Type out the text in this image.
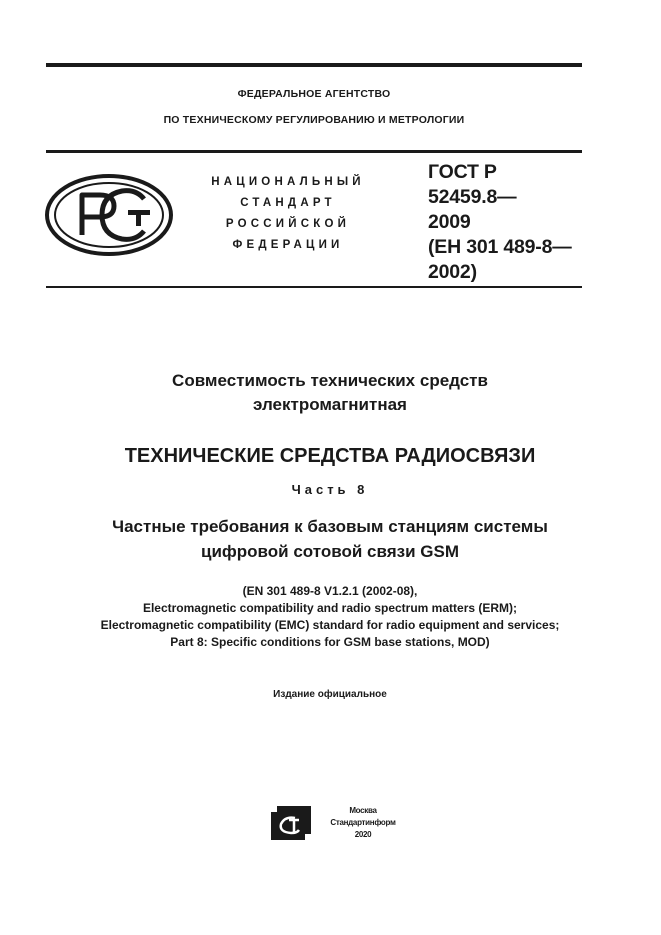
ФЕДЕРАЛЬНОЕ АГЕНТСТВО
ПО ТЕХНИЧЕСКОМУ РЕГУЛИРОВАНИЮ И МЕТРОЛОГИИ
НАЦИОНАЛЬНЫЙ
СТАНДАРТ
РОССИЙСКОЙ
ФЕДЕРАЦИИ
ГОСТ Р
52459.8—
2009
(ЕН 301 489-8—
2002)
Совместимость технических средств
электромагнитная
ТЕХНИЧЕСКИЕ СРЕДСТВА РАДИОСВЯЗИ
Часть 8
Частные требования к базовым станциям системы
цифровой сотовой связи GSM
(EN 301 489-8 V1.2.1 (2002-08),
Electromagnetic compatibility and radio spectrum matters (ERM);
Electromagnetic compatibility (EMC) standard for radio equipment and services;
Part 8: Specific conditions for GSM base stations, MOD)
Издание официальное
Москва
Стандартинформ
2020
